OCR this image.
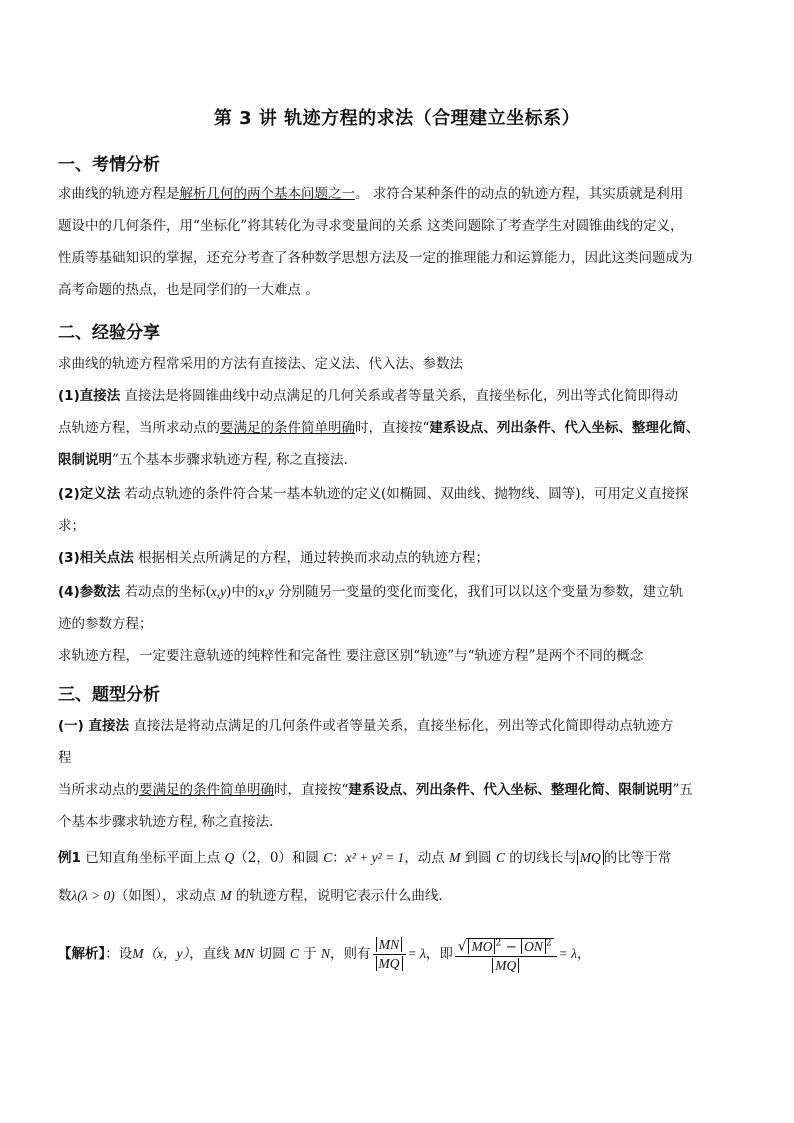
第 3 讲 轨迹方程的求法（合理建立坐标系）
一、考情分析
求曲线的轨迹方程是解析几何的两个基本问题之一。 求符合某种条件的动点的轨迹方程，其实质就是利用
题设中的几何条件，用“坐标化”将其转化为寻求变量间的关系 这类问题除了考查学生对圆锥曲线的定义，
性质等基础知识的掌握，还充分考查了各种数学思想方法及一定的推理能力和运算能力，因此这类问题成为
高考命题的热点，也是同学们的一大难点 。
二、经验分享
求曲线的轨迹方程常采用的方法有直接法、定义法、代入法、参数法
(1)直接法 直接法是将圆锥曲线中动点满足的几何关系或者等量关系，直接坐标化，列出等式化简即得动
点轨迹方程，当所求动点的要满足的条件简单明确时，直接按“建系设点、列出条件、代入坐标、整理化简、
限制说明”五个基本步骤求轨迹方程, 称之直接法.
(2)定义法 若动点轨迹的条件符合某一基本轨迹的定义(如椭圆、双曲线、抛物线、圆等)，可用定义直接探
求；
(3)相关点法 根据相关点所满足的方程，通过转换而求动点的轨迹方程；
(4)参数法 若动点的坐标(x,y)中的x,y 分别随另一变量的变化而变化，我们可以以这个变量为参数，建立轨
迹的参数方程；
求轨迹方程，一定要注意轨迹的纯粹性和完备性 要注意区别“轨迹”与“轨迹方程”是两个不同的概念
三、题型分析
(一) 直接法 直接法是将动点满足的几何条件或者等量关系，直接坐标化，列出等式化简即得动点轨迹方
程
当所求动点的要满足的条件简单明确时，直接按“建系设点、列出条件、代入坐标、整理化简、限制说明”五
个基本步骤求轨迹方程, 称之直接法.
例1 已知直角坐标平面上点 Q（2，0）和圆 C：x² + y² = 1，动点 M 到圆 C 的切线长与 MQ 的比等于常
数λ(λ > 0)（如图），求动点 M 的轨迹方程，说明它表示什么曲线．
【解析】：设M（x，y），直线 MN 切圆 C 于 N，则有 $\frac{MN}{MQ} = \lambda$，即 $\frac{√ MO ^2 - ON ^2}{MQ} = \lambda$，
